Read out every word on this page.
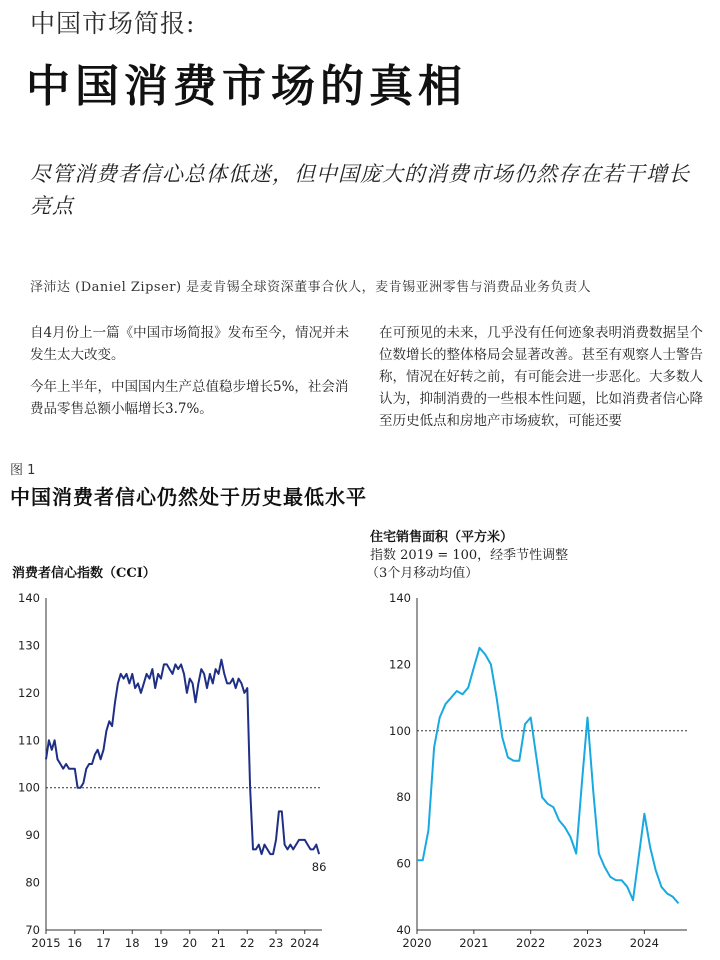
中国市场简报:
中国消费市场的真相
尽管消费者信心总体低迷，但中国庞大的消费市场仍然存在若干增长亮点
泽沛达 (Daniel Zipser) 是麦肯锡全球资深董事合伙人，麦肯锡亚洲零售与消费品业务负责人

自4月份上一篇《中国市场简报》发布至今，情况并未发生太大改变。

今年上半年，中国国内生产总值稳步增长5%，社会消费品零售总额小幅增长3.7%。

在可预见的未来，几乎没有任何迹象表明消费数据呈个位数增长的整体格局会显著改善。甚至有观察人士警告称，情况在好转之前，有可能会进一步恶化。大多数人认为，抑制消费的一些根本性问题，比如消费者信心降至历史低点和房地产市场疲软，可能还要

图 1
中国消费者信心仍然处于历史最低水平
消费者信心指数（CCI）
70
80
90
100
110
120
130
140
2015 16 17 18 19 20 21 22 23 2024
86
住宅销售面积（平方米）
指数 2019 = 100，经季节性调整
（3个月移动均值）
40
60
80
100
120
140
2020 2021 2022 2023 2024
